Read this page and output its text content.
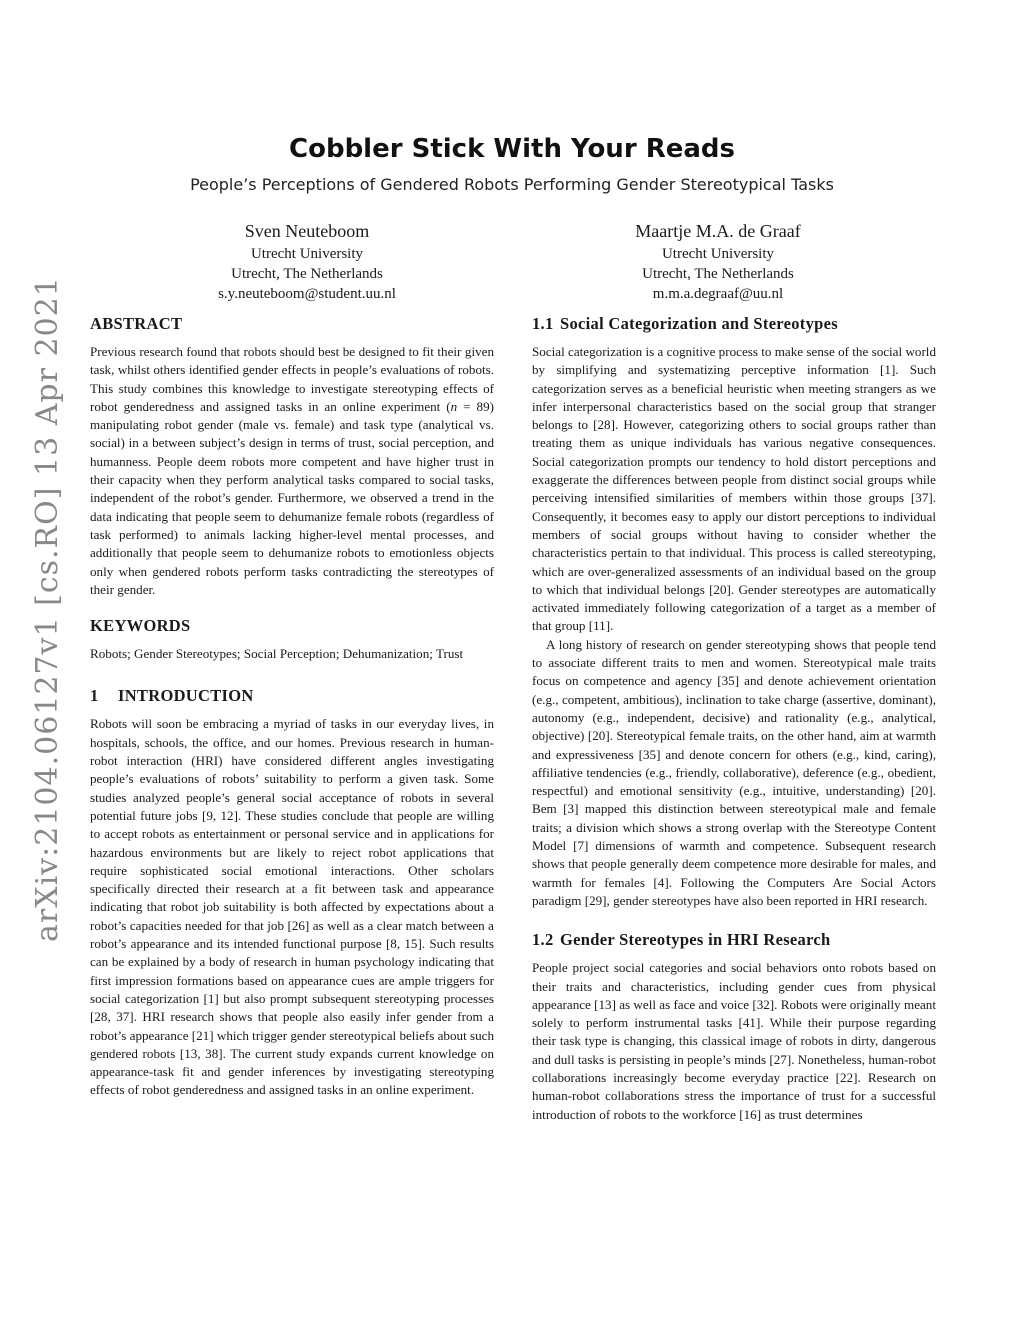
arXiv:2104.06127v1 [cs.RO] 13 Apr 2021
Cobbler Stick With Your Reads
People’s Perceptions of Gendered Robots Performing Gender Stereotypical Tasks
Sven Neuteboom
Utrecht University
Utrecht, The Netherlands
s.y.neuteboom@student.uu.nl
Maartje M.A. de Graaf
Utrecht University
Utrecht, The Netherlands
m.m.a.degraaf@uu.nl
ABSTRACT

Previous research found that robots should best be designed to fit their given task, whilst others identified gender effects in people’s evaluations of robots. This study combines this knowledge to investigate stereotyping effects of robot genderedness and assigned tasks in an online experiment (n = 89) manipulating robot gender (male vs. female) and task type (analytical vs. social) in a between subject’s design in terms of trust, social perception, and humanness. People deem robots more competent and have higher trust in their capacity when they perform analytical tasks compared to social tasks, independent of the robot’s gender. Furthermore, we observed a trend in the data indicating that people seem to dehumanize female robots (regardless of task performed) to animals lacking higher-level mental processes, and additionally that people seem to dehumanize robots to emotionless objects only when gendered robots perform tasks contradicting the stereotypes of their gender.

KEYWORDS

Robots; Gender Stereotypes; Social Perception; Dehumanization; Trust

1 INTRODUCTION

Robots will soon be embracing a myriad of tasks in our everyday lives, in hospitals, schools, the office, and our homes. Previous research in human-robot interaction (HRI) have considered different angles investigating people’s evaluations of robots’ suitability to perform a given task. Some studies analyzed people’s general social acceptance of robots in several potential future jobs [9, 12]. These studies conclude that people are willing to accept robots as entertainment or personal service and in applications for hazardous environments but are likely to reject robot applications that require sophisticated social emotional interactions. Other scholars specifically directed their research at a fit between task and appearance indicating that robot job suitability is both affected by expectations about a robot’s capacities needed for that job [26] as well as a clear match between a robot’s appearance and its intended functional purpose [8, 15]. Such results can be explained by a body of research in human psychology indicating that first impression formations based on appearance cues are ample triggers for social categorization [1] but also prompt subsequent stereotyping processes [28, 37]. HRI research shows that people also easily infer gender from a robot’s appearance [21] which trigger gender stereotypical beliefs about such gendered robots [13, 38]. The current study expands current knowledge on appearance-task fit and gender inferences by investigating stereotyping effects of robot genderedness and assigned tasks in an online experiment.

1.1 Social Categorization and Stereotypes

Social categorization is a cognitive process to make sense of the social world by simplifying and systematizing perceptive information [1]. Such categorization serves as a beneficial heuristic when meeting strangers as we infer interpersonal characteristics based on the social group that stranger belongs to [28]. However, categorizing others to social groups rather than treating them as unique individuals has various negative consequences. Social categorization prompts our tendency to hold distort perceptions and exaggerate the differences between people from distinct social groups while perceiving intensified similarities of members within those groups [37]. Consequently, it becomes easy to apply our distort perceptions to individual members of social groups without having to consider whether the characteristics pertain to that individual. This process is called stereotyping, which are over-generalized assessments of an individual based on the group to which that individual belongs [20]. Gender stereotypes are automatically activated immediately following categorization of a target as a member of that group [11].

A long history of research on gender stereotyping shows that people tend to associate different traits to men and women. Stereotypical male traits focus on competence and agency [35] and denote achievement orientation (e.g., competent, ambitious), inclination to take charge (assertive, dominant), autonomy (e.g., independent, decisive) and rationality (e.g., analytical, objective) [20]. Stereotypical female traits, on the other hand, aim at warmth and expressiveness [35] and denote concern for others (e.g., kind, caring), affiliative tendencies (e.g., friendly, collaborative), deference (e.g., obedient, respectful) and emotional sensitivity (e.g., intuitive, understanding) [20]. Bem [3] mapped this distinction between stereotypical male and female traits; a division which shows a strong overlap with the Stereotype Content Model [7] dimensions of warmth and competence. Subsequent research shows that people generally deem competence more desirable for males, and warmth for females [4]. Following the Computers Are Social Actors paradigm [29], gender stereotypes have also been reported in HRI research.

1.2 Gender Stereotypes in HRI Research

People project social categories and social behaviors onto robots based on their traits and characteristics, including gender cues from physical appearance [13] as well as face and voice [32]. Robots were originally meant solely to perform instrumental tasks [41]. While their purpose regarding their task type is changing, this classical image of robots in dirty, dangerous and dull tasks is persisting in people’s minds [27]. Nonetheless, human-robot collaborations increasingly become everyday practice [22]. Research on human-robot collaborations stress the importance of trust for a successful introduction of robots to the workforce [16] as trust determines
